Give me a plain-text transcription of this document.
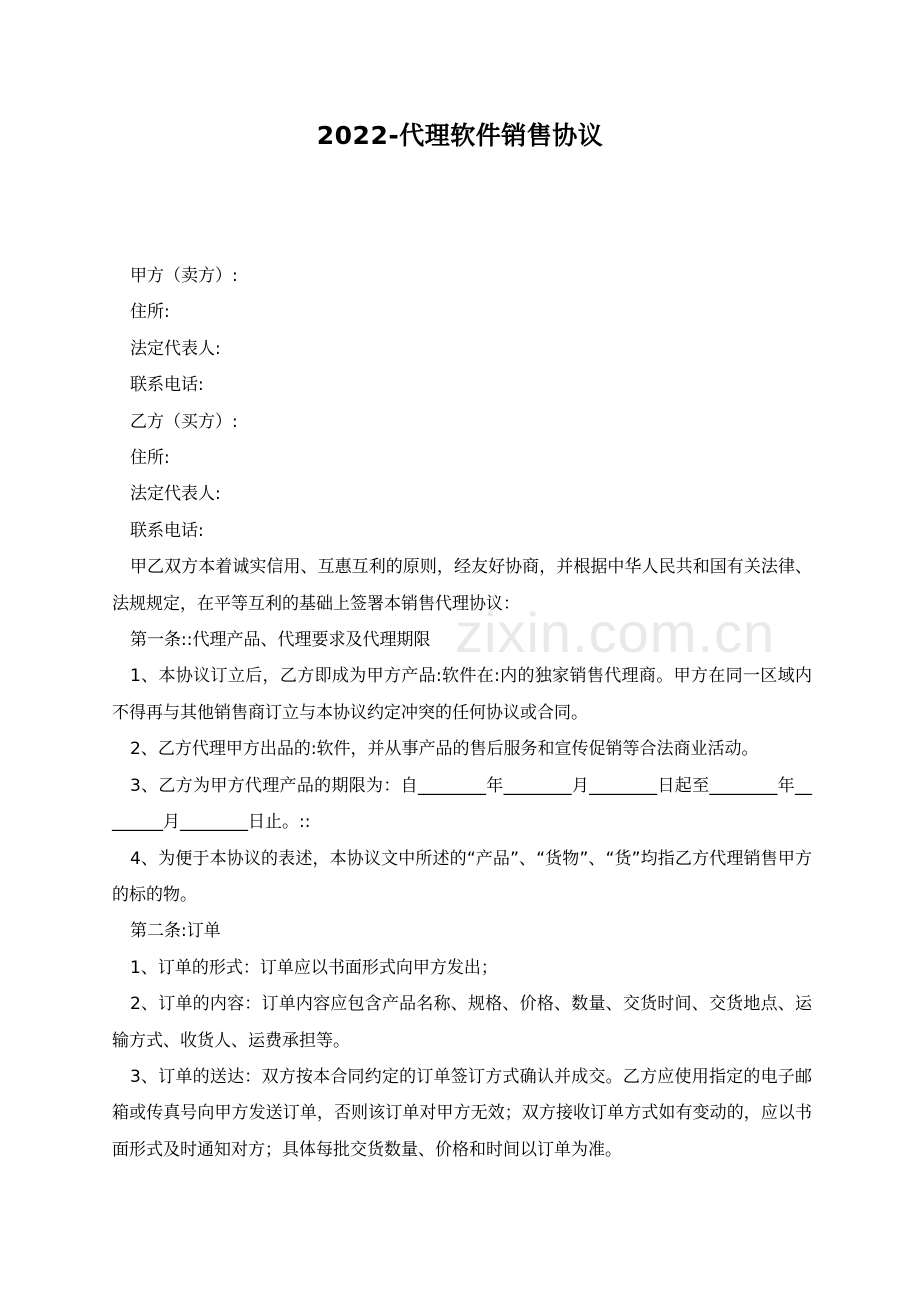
2022-代理软件销售协议

甲方（卖方）:

住所:

法定代表人:

联系电话:

乙方（买方）:

住所:

法定代表人:

联系电话:

甲乙双方本着诚实信用、互惠互利的原则，经友好协商，并根据中华人民共和国有关法律、法规规定，在平等互利的基础上签署本销售代理协议：

第一条::代理产品、代理要求及代理期限

1、本协议订立后，乙方即成为甲方产品:软件在:内的独家销售代理商。甲方在同一区域内不得再与其他销售商订立与本协议约定冲突的任何协议或合同。

2、乙方代理甲方出品的:软件，并从事产品的售后服务和宣传促销等合法商业活动。

3、乙方为甲方代理产品的期限为：自________年________月________日起至________年________月________日止。::

4、为便于本协议的表述，本协议文中所述的“产品”、“货物”、“货”均指乙方代理销售甲方的标的物。

第二条:订单

1、订单的形式：订单应以书面形式向甲方发出；

2、订单的内容：订单内容应包含产品名称、规格、价格、数量、交货时间、交货地点、运输方式、收货人、运费承担等。

3、订单的送达：双方按本合同约定的订单签订方式确认并成交。乙方应使用指定的电子邮箱或传真号向甲方发送订单，否则该订单对甲方无效；双方接收订单方式如有变动的，应以书面形式及时通知对方；具体每批交货数量、价格和时间以订单为准。

zixin.com.cn
